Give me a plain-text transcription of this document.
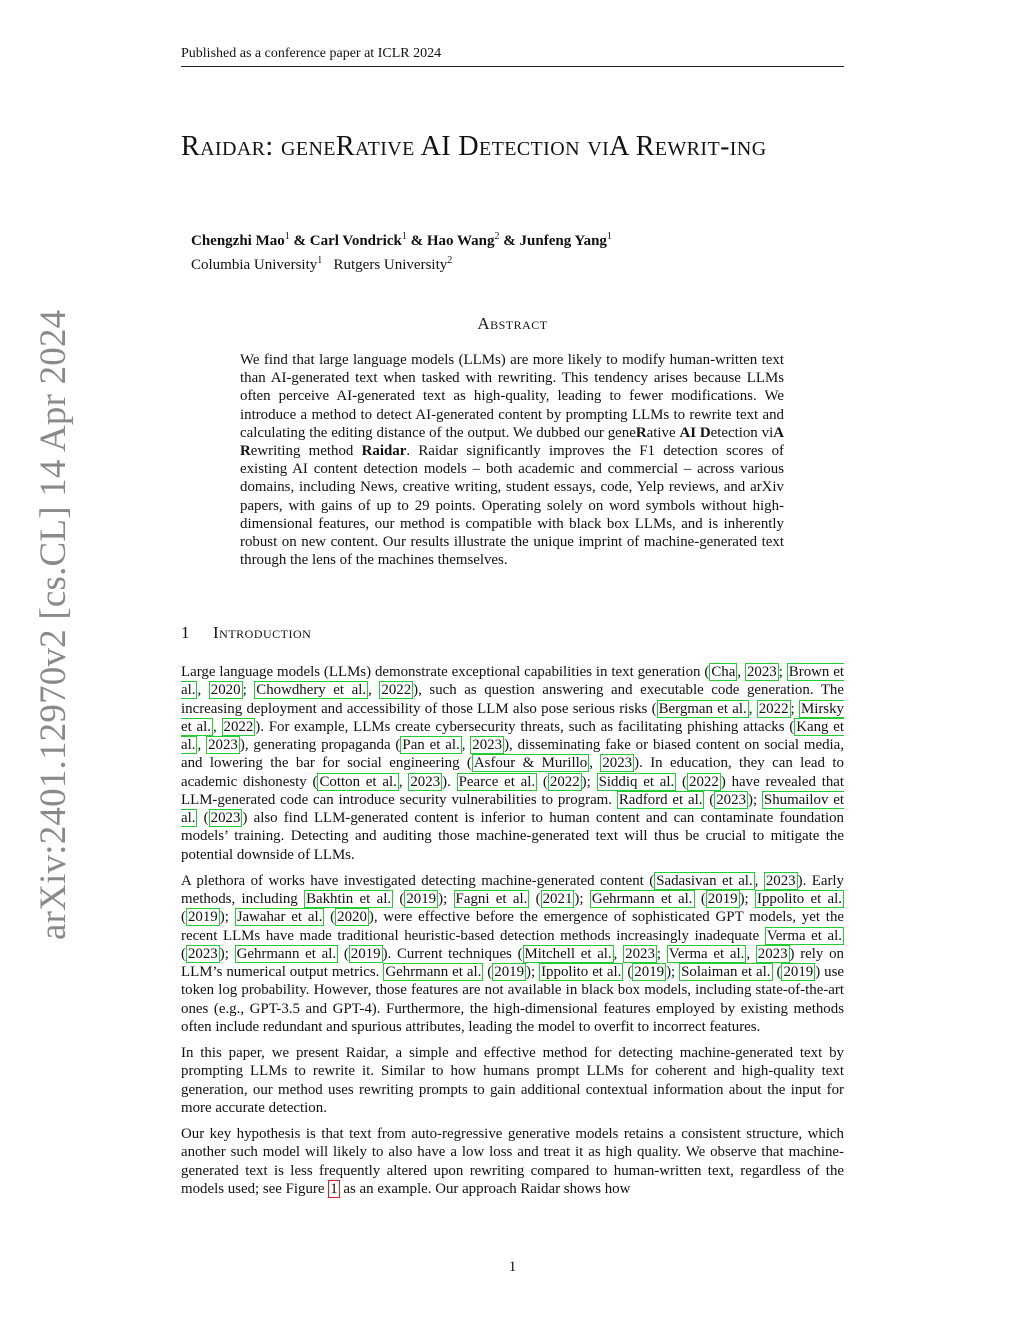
Published as a conference paper at ICLR 2024
arXiv:2401.12970v2 [cs.CL] 14 Apr 2024
Raidar: geneRative AI Detection viA Rewrit-ing
Chengzhi Mao$^1$ & Carl Vondrick$^1$ & Hao Wang$^2$ & Junfeng Yang$^1$
Columbia University$^1$ Rutgers University$^2$
Abstract
We find that large language models (LLMs) are more likely to modify human-written text than AI-generated text when tasked with rewriting. This tendency arises because LLMs often perceive AI-generated text as high-quality, leading to fewer modifications. We introduce a method to detect AI-generated content by prompting LLMs to rewrite text and calculating the editing distance of the output. We dubbed our geneRative AI Detection viA Rewriting method Raidar. Raidar significantly improves the F1 detection scores of existing AI content detection models – both academic and commercial – across various domains, including News, creative writing, student essays, code, Yelp reviews, and arXiv papers, with gains of up to 29 points. Operating solely on word symbols without high-dimensional features, our method is compatible with black box LLMs, and is inherently robust on new content. Our results illustrate the unique imprint of machine-generated text through the lens of the machines themselves.
1 Introduction

Large language models (LLMs) demonstrate exceptional capabilities in text generation ( Cha , 2023 ; Brown et al. , 2020 ; Chowdhery et al. , 2022 ), such as question answering and executable code generation. The increasing deployment and accessibility of those LLM also pose serious risks ( Bergman et al. , 2022 ; Mirsky et al. , 2022 ). For example, LLMs create cybersecurity threats, such as facilitating phishing attacks ( Kang et al. , 2023 ), generating propaganda ( Pan et al. , 2023 ), disseminating fake or biased content on social media, and lowering the bar for social engineering ( Asfour & Murillo , 2023 ). In education, they can lead to academic dishonesty ( Cotton et al. , 2023 ). Pearce et al. ( 2022 ); Siddiq et al. ( 2022 ) have revealed that LLM-generated code can introduce security vulnerabilities to program. Radford et al. ( 2023 ); Shumailov et al. ( 2023 ) also find LLM-generated content is inferior to human content and can contaminate foundation models’ training. Detecting and auditing those machine-generated text will thus be crucial to mitigate the potential downside of LLMs.

A plethora of works have investigated detecting machine-generated content ( Sadasivan et al. , 2023 ). Early methods, including Bakhtin et al. ( 2019 ); Fagni et al. ( 2021 ); Gehrmann et al. ( 2019 ); Ippolito et al. ( 2019 ); Jawahar et al. ( 2020 ), were effective before the emergence of sophisticated GPT models, yet the recent LLMs have made traditional heuristic-based detection methods increasingly inadequate Verma et al. ( 2023 ); Gehrmann et al. ( 2019 ). Current techniques ( Mitchell et al. , 2023 ; Verma et al. , 2023 ) rely on LLM’s numerical output metrics. Gehrmann et al. ( 2019 ); Ippolito et al. ( 2019 ); Solaiman et al. ( 2019 ) use token log probability. However, those features are not available in black box models, including state-of-the-art ones (e.g., GPT-3.5 and GPT-4). Furthermore, the high-dimensional features employed by existing methods often include redundant and spurious attributes, leading the model to overfit to incorrect features.

In this paper, we present Raidar, a simple and effective method for detecting machine-generated text by prompting LLMs to rewrite it. Similar to how humans prompt LLMs for coherent and high-quality text generation, our method uses rewriting prompts to gain additional contextual information about the input for more accurate detection.

Our key hypothesis is that text from auto-regressive generative models retains a consistent structure, which another such model will likely to also have a low loss and treat it as high quality. We observe that machine-generated text is less frequently altered upon rewriting compared to human-written text, regardless of the models used; see Figure 1 as an example. Our approach Raidar shows how

1
